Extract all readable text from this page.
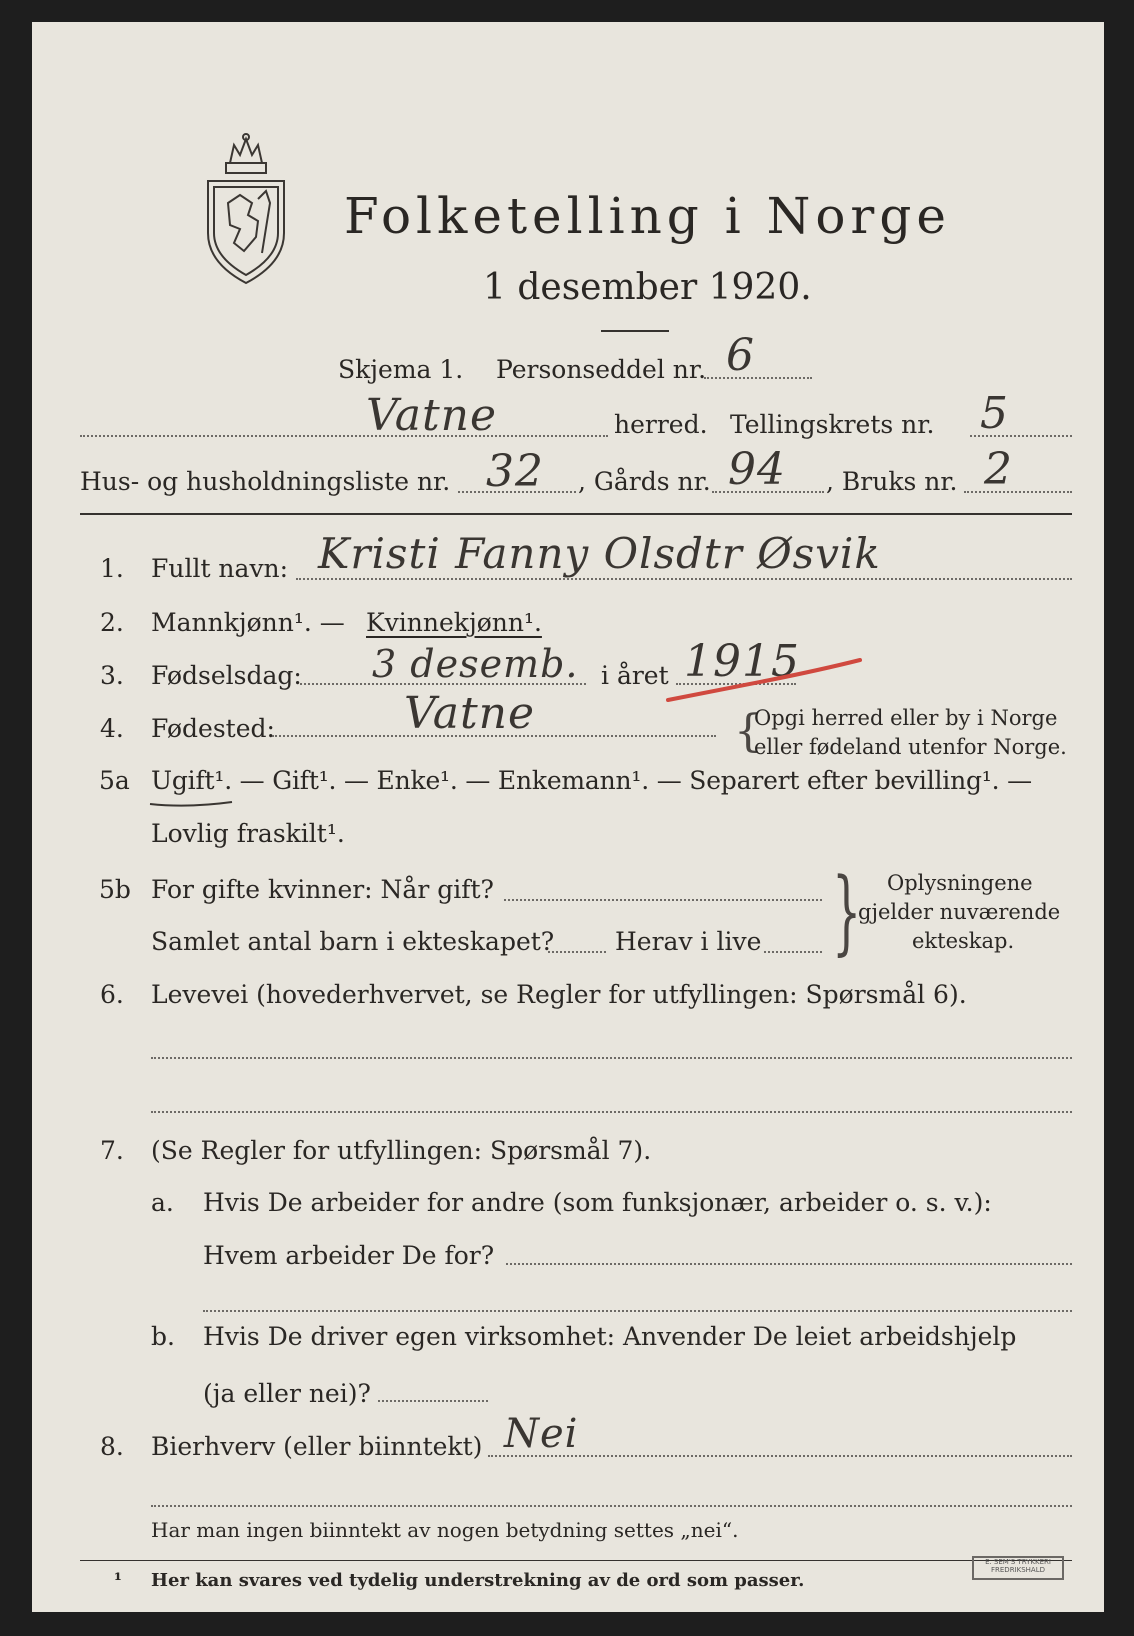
Folketelling i Norge
1 desember 1920.
Skjema 1. Personseddel nr. 6
Vatne	herred. Tellingskrets nr. 5
Hus- og husholdningsliste nr. 32 , Gårds nr. 94 , Bruks nr. 2
1. Fullt navn: Kristi Fanny Olsdtr Øsvik
2. Mannkjønn¹. — Kvinnekjønn¹.
3. Fødselsdag: 3 desemb. i året 1915
4. Fødested:	Vatne	{
Opgi herred eller by i Norge
eller fødeland utenfor Norge.
5a Ugift¹. — Gift¹. — Enke¹. — Enkemann¹. — Separert efter bevilling¹. —
Lovlig fraskilt¹.
5b For gifte kvinner: Når gift?
Samlet antal barn i ekteskapet? Herav i live } Oplysningene
gjelder nuværende
ekteskap.
6. Levevei (hovederhvervet, se Regler for utfyllingen: Spørsmål 6).
7. (Se Regler for utfyllingen: Spørsmål 7).
a. Hvis De arbeider for andre (som funksjonær, arbeider o. s. v.):
Hvem arbeider De for?
b. Hvis De driver egen virksomhet: Anvender De leiet arbeidshjelp
(ja eller nei)?
8. Bierhverv (eller biinntekt) Nei
Har man ingen biinntekt av nogen betydning settes „nei“.
¹ Her kan svares ved tydelig understrekning av de ord som passer.
E. SEM'S TRYKKERI FREDRIKSHALD
